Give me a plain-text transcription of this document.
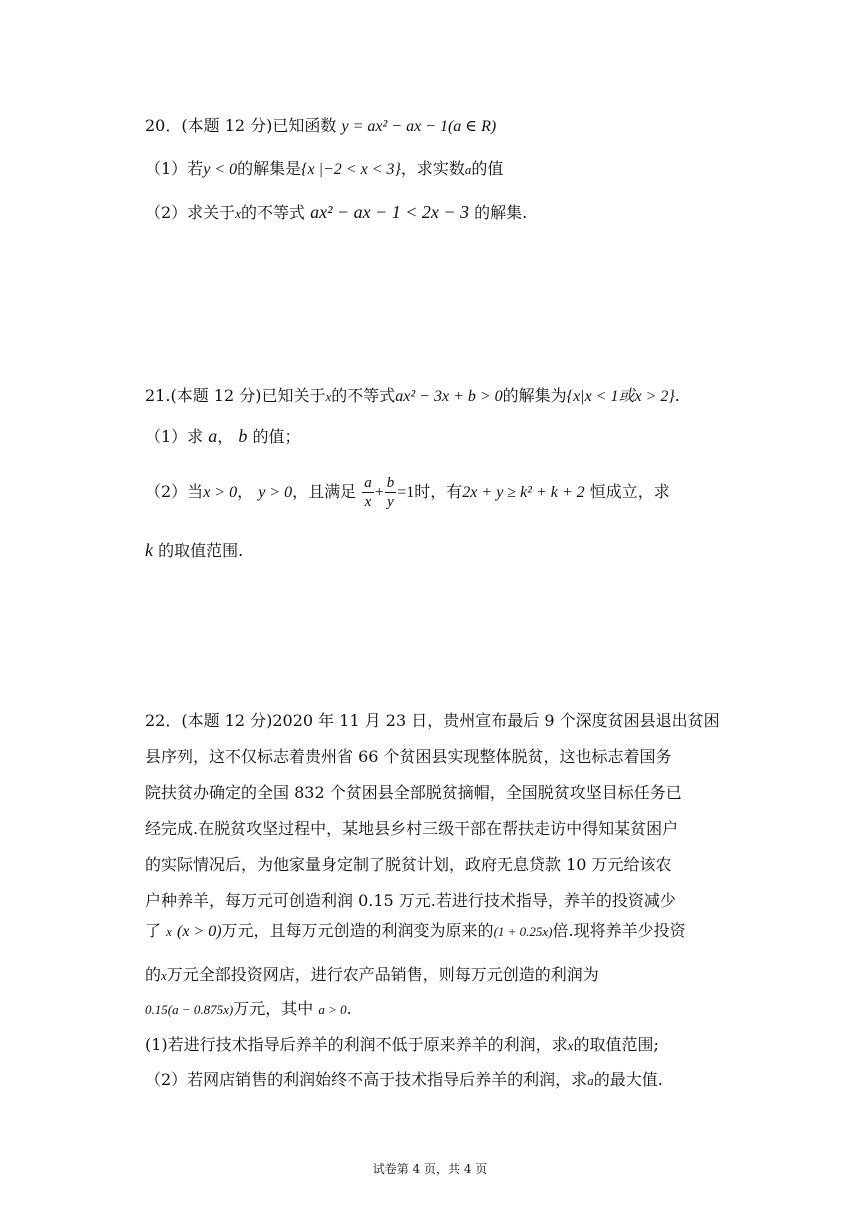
20．(本题 12 分)已知函数 y = ax² − ax − 1(a ∈ R)
（1）若y < 0的解集是{x |−2 < x < 3}，求实数a的值
（2）求关于x的不等式 ax² − ax − 1 < 2x − 3 的解集.
21.(本题 12 分)已知关于x的不等式ax² − 3x + b > 0的解集为{x|x < 1或x > 2}.
（1）求 a， b 的值；
（2）当x > 0， y > 0，且满足 $\frac{a}{x} + \frac{b}{y} =1$时，有2x + y ≥ k² + k + 2 恒成立，求
k 的取值范围.
22．(本题 12 分)2020 年 11 月 23 日，贵州宣布最后 9 个深度贫困县退出贫困
县序列，这不仅标志着贵州省 66 个贫困县实现整体脱贫，这也标志着国务
院扶贫办确定的全国 832 个贫困县全部脱贫摘帽，全国脱贫攻坚目标任务已
经完成.在脱贫攻坚过程中，某地县乡村三级干部在帮扶走访中得知某贫困户
的实际情况后，为他家量身定制了脱贫计划，政府无息贷款 10 万元给该农
户种养羊，每万元可创造利润 0.15 万元.若进行技术指导，养羊的投资减少
了 x (x > 0)万元，且每万元创造的利润变为原来的(1 + 0.25x)倍.现将养羊少投资
的x万元全部投资网店，进行农产品销售，则每万元创造的利润为
0.15(a − 0.875x)万元，其中 a > 0.
(1)若进行技术指导后养羊的利润不低于原来养羊的利润，求x的取值范围;
（2）若网店销售的利润始终不高于技术指导后养羊的利润，求a的最大值.
试卷第 4 页，共 4 页
